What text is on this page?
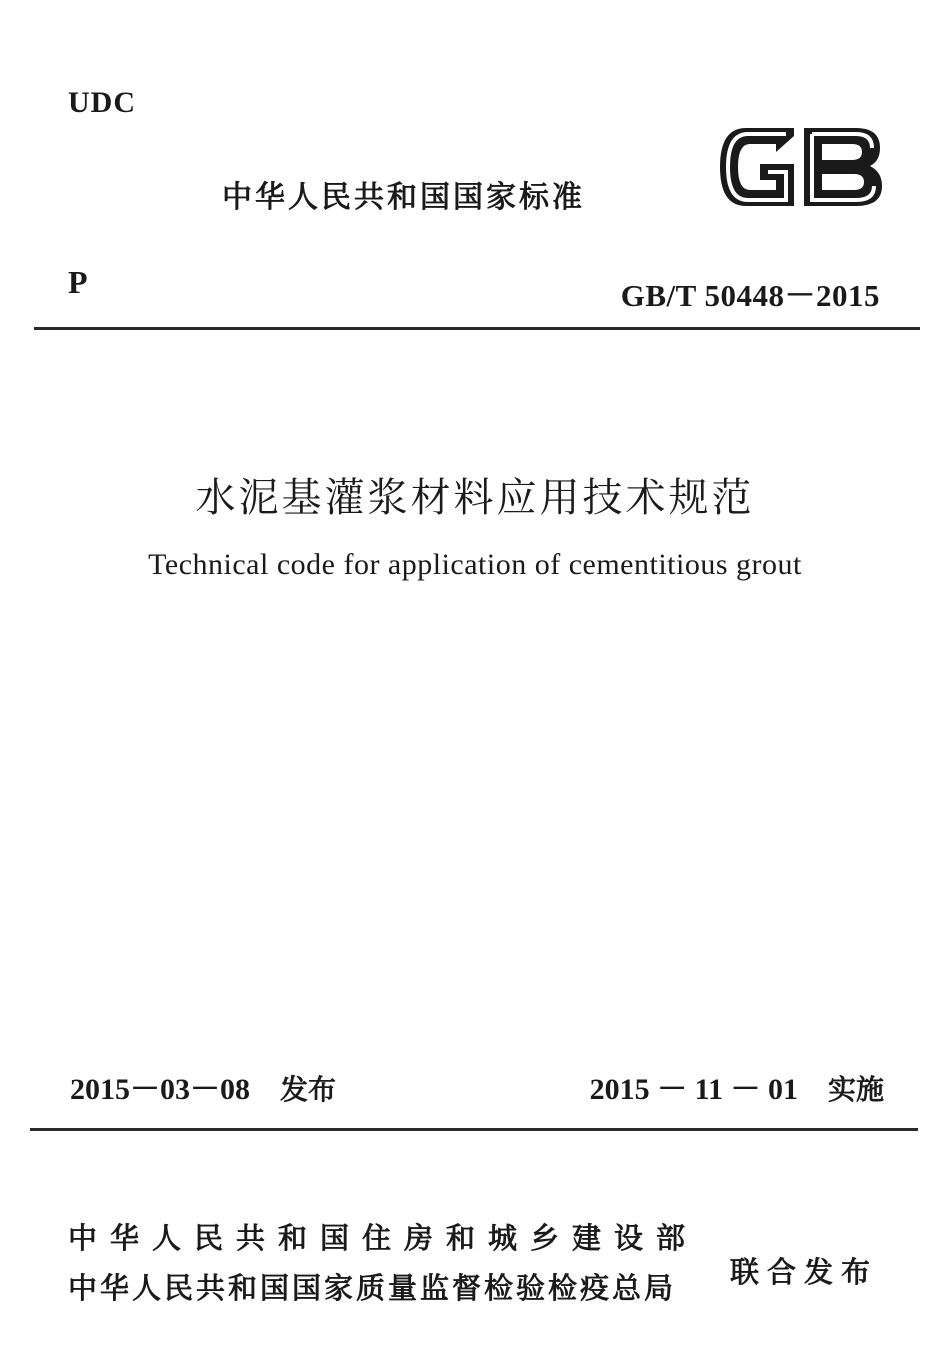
UDC
中华人民共和国国家标准
P	GB/T 50448－2015
水泥基灌浆材料应用技术规范
Technical code for application of cementitious grout
2015－03－08 发布	2015 － 11 － 01 实施
中华人民共和国住房和城乡建设部
中华人民共和国国家质量监督检验检疫总局 联合发布
